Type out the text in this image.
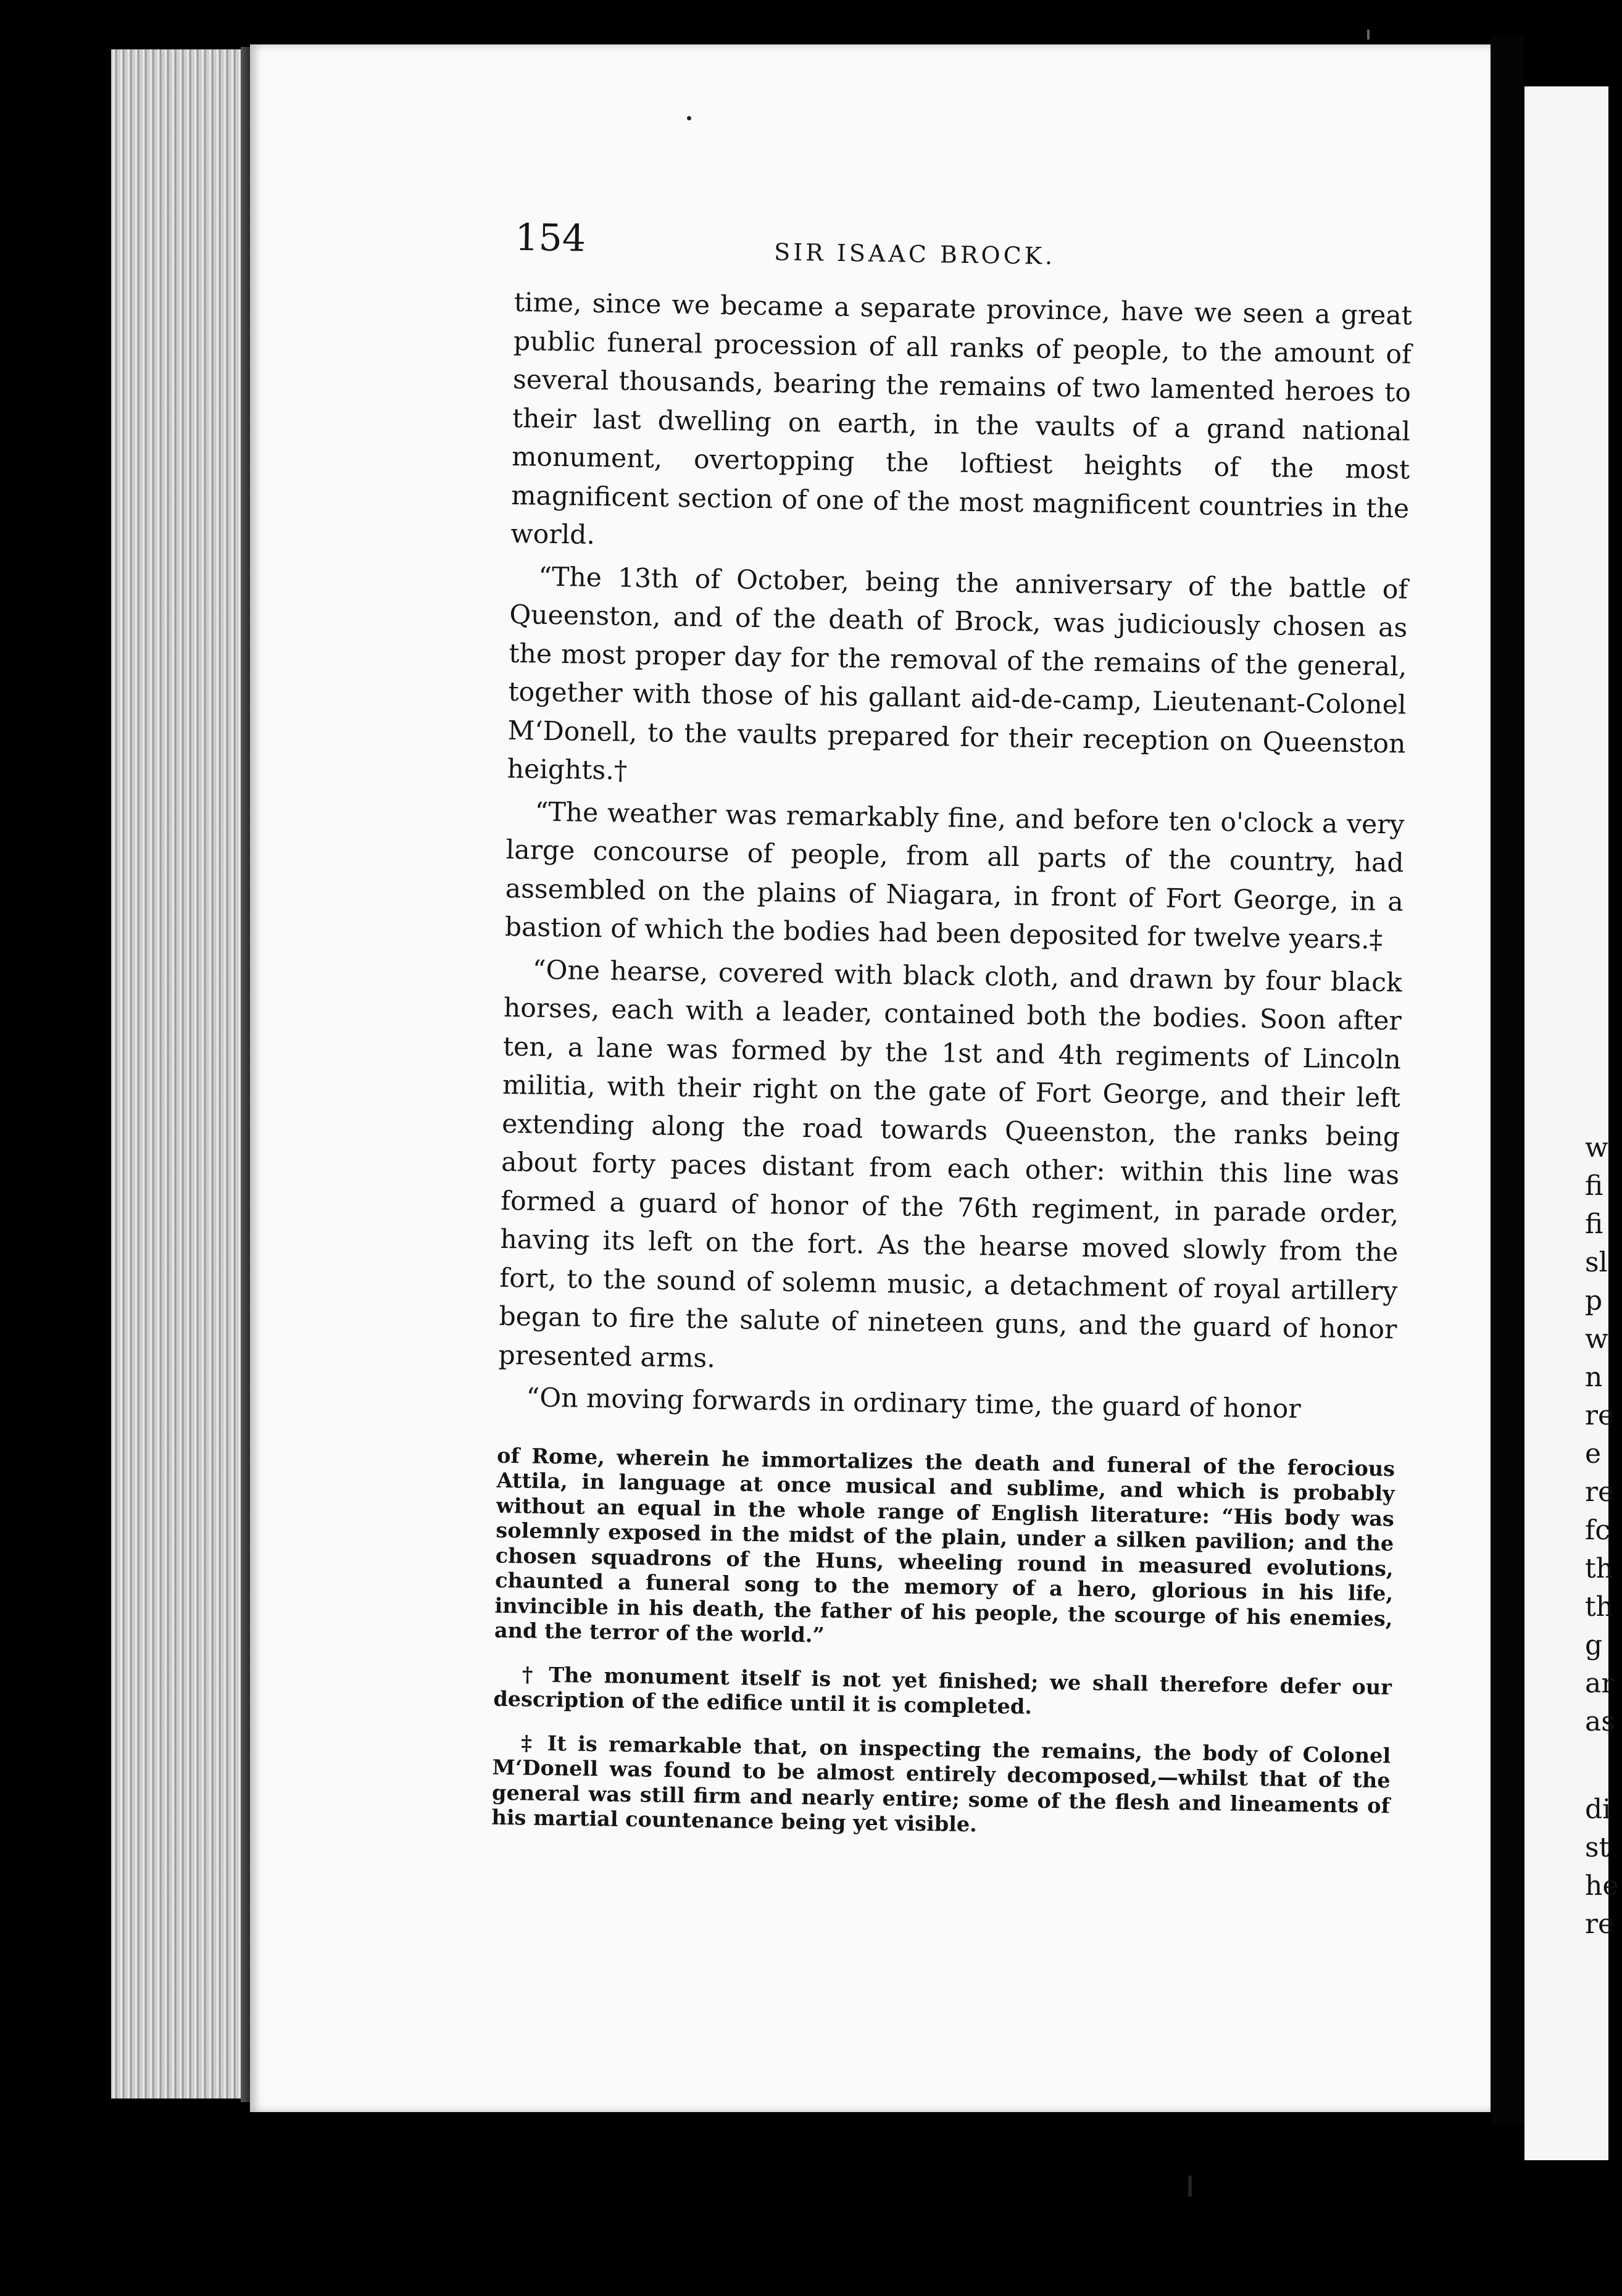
w
fi
fi
sl
p
w
n
re
e
re
fc
th
th
g
ar
as
di
st
he
re
154	SIR ISAAC BROCK.

time, since we became a separate province, have we seen a great public funeral procession of all ranks of people, to the amount of several thousands, bearing the remains of two lamented heroes to their last dwelling on earth, in the vaults of a grand national monument, overtopping the loftiest heights of the most magnificent section of one of the most magnificent countries in the world.

“The 13th of October, being the anniversary of the battle of Queenston, and of the death of Brock, was judiciously chosen as the most proper day for the removal of the remains of the general, together with those of his gallant aid-de-camp, Lieutenant-Colonel M‘Donell, to the vaults prepared for their reception on Queenston heights.†

“The weather was remarkably fine, and before ten o'clock a very large concourse of people, from all parts of the country, had assembled on the plains of Niagara, in front of Fort George, in a bastion of which the bodies had been deposited for twelve years.‡

“One hearse, covered with black cloth, and drawn by four black horses, each with a leader, contained both the bodies. Soon after ten, a lane was formed by the 1st and 4th regiments of Lincoln militia, with their right on the gate of Fort George, and their left extending along the road towards Queenston, the ranks being about forty paces distant from each other: within this line was formed a guard of honor of the 76th regiment, in parade order, having its left on the fort. As the hearse moved slowly from the fort, to the sound of solemn music, a detachment of royal artillery began to fire the salute of nineteen guns, and the guard of honor presented arms.

“On moving forwards in ordinary time, the guard of honor

of Rome, wherein he immortalizes the death and funeral of the ferocious Attila, in language at once musical and sublime, and which is probably without an equal in the whole range of English literature: “His body was solemnly exposed in the midst of the plain, under a silken pavilion; and the chosen squadrons of the Huns, wheeling round in measured evolutions, chaunted a funeral song to the memory of a hero, glorious in his life, invincible in his death, the father of his people, the scourge of his enemies, and the terror of the world.”

† The monument itself is not yet finished; we shall therefore defer our description of the edifice until it is completed.

‡ It is remarkable that, on inspecting the remains, the body of Colonel M‘Donell was found to be almost entirely decomposed,—whilst that of the general was still firm and nearly entire; some of the flesh and lineaments of his martial countenance being yet visible.
